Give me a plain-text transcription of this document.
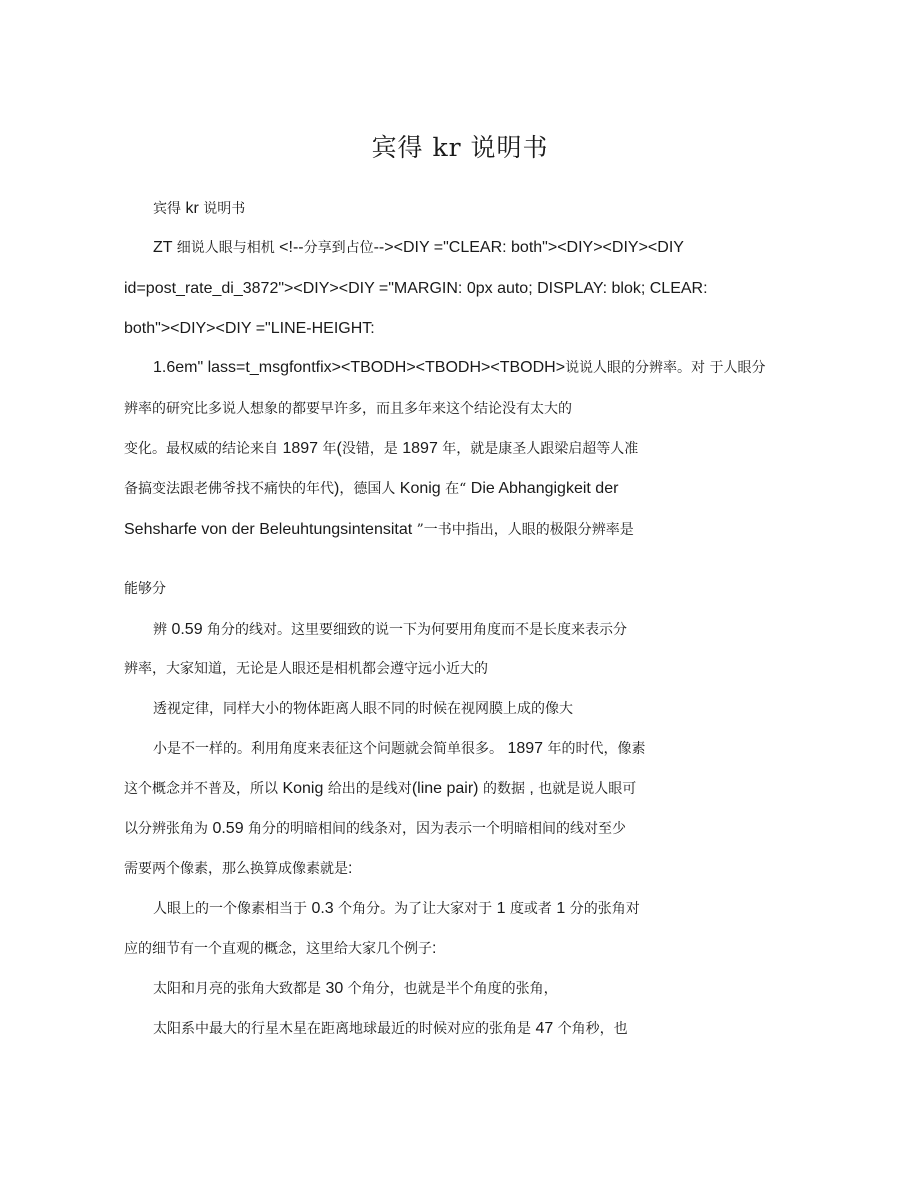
宾得 kr 说明书
宾得 kr 说明书
ZT 细说人眼与相机 <!--分享到占位--><DIY ="CLEAR: both"><DIY><DIY><DIY
id=post_rate_di_3872"><DIY><DIY ="MARGIN: 0px auto; DISPLAY: blok; CLEAR:
both"><DIY><DIY ="LINE-HEIGHT:
1.6em" lass=t_msgfontfix><TBODH><TBODH><TBODH>说说人眼的分辨率。对 于人眼分
辨率的研究比多说人想象的都要早许多，而且多年来这个结论没有太大的
变化。最权威的结论来自 1897 年(没错，是 1897 年，就是康圣人跟梁启超等人准
备搞变法跟老佛爷找不痛快的年代)，德国人 Konig 在“ Die Abhangigkeit der
Sehsharfe von der Beleuhtungsintensitat ”一书中指出，人眼的极限分辨率是
能够分
辨 0.59 角分的线对。这里要细致的说一下为何要用角度而不是长度来表示分
辨率，大家知道，无论是人眼还是相机都会遵守远小近大的
透视定律，同样大小的物体距离人眼不同的时候在视网膜上成的像大
小是不一样的。利用角度来表征这个问题就会简单很多。 1897 年的时代，像素
这个概念并不普及，所以 Konig 给出的是线对(line pair) 的数据 , 也就是说人眼可
以分辨张角为 0.59 角分的明暗相间的线条对，因为表示一个明暗相间的线对至少
需要两个像素，那么换算成像素就是:
人眼上的一个像素相当于 0.3 个角分。为了让大家对于 1 度或者 1 分的张角对
应的细节有一个直观的概念，这里给大家几个例子:
太阳和月亮的张角大致都是 30 个角分，也就是半个角度的张角，
太阳系中最大的行星木星在距离地球最近的时候对应的张角是 47 个角秒，也
